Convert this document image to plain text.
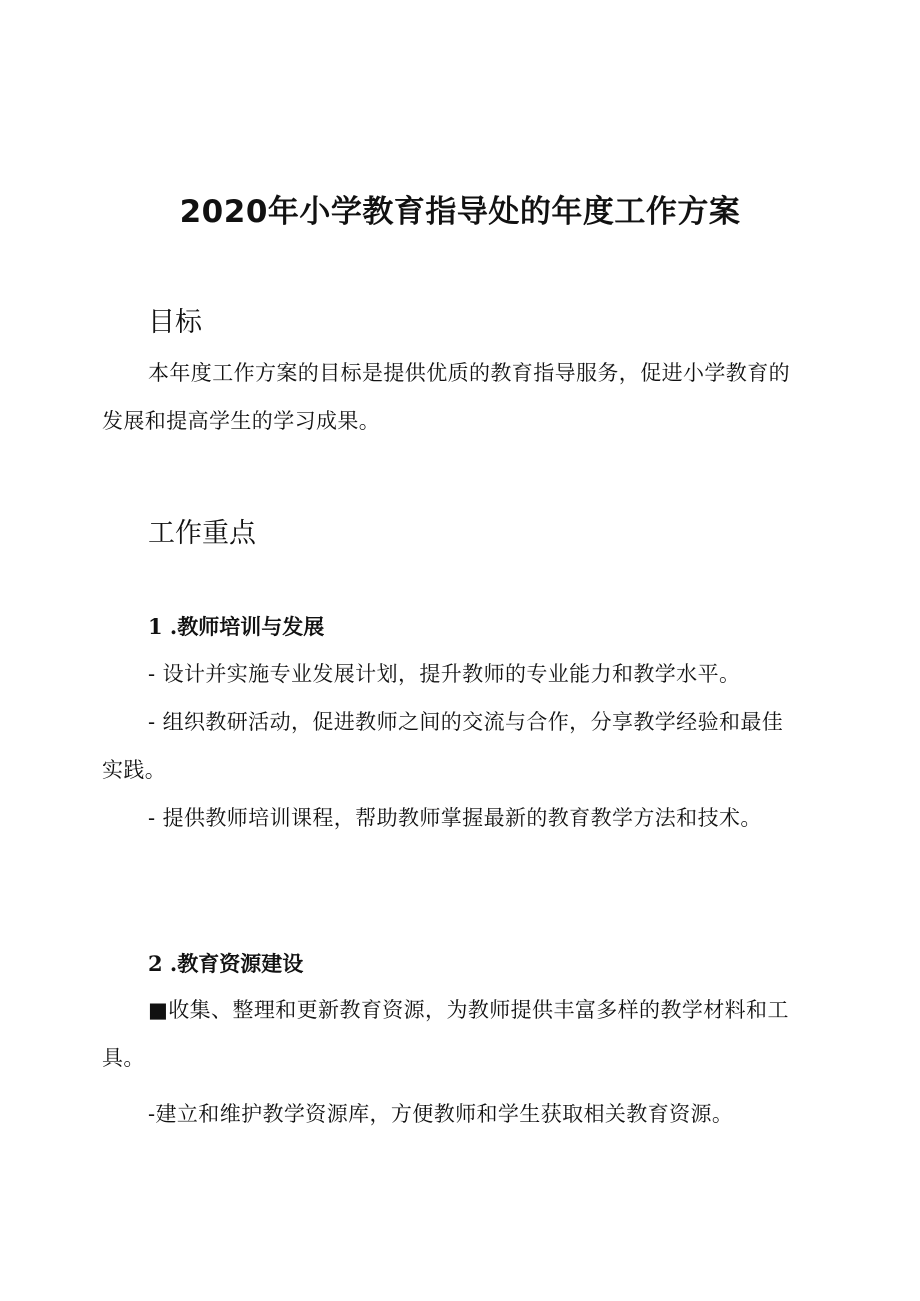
2020年小学教育指导处的年度工作方案
目标

本年度工作方案的目标是提供优质的教育指导服务，促进小学教育的发展和提高学生的学习成果。

工作重点
1 .教师培训与发展

- 设计并实施专业发展计划，提升教师的专业能力和教学水平。

- 组织教研活动，促进教师之间的交流与合作，分享教学经验和最佳实践。

- 提供教师培训课程，帮助教师掌握最新的教育教学方法和技术。

2 .教育资源建设

■收集、整理和更新教育资源，为教师提供丰富多样的教学材料和工具。

-建立和维护教学资源库，方便教师和学生获取相关教育资源。
